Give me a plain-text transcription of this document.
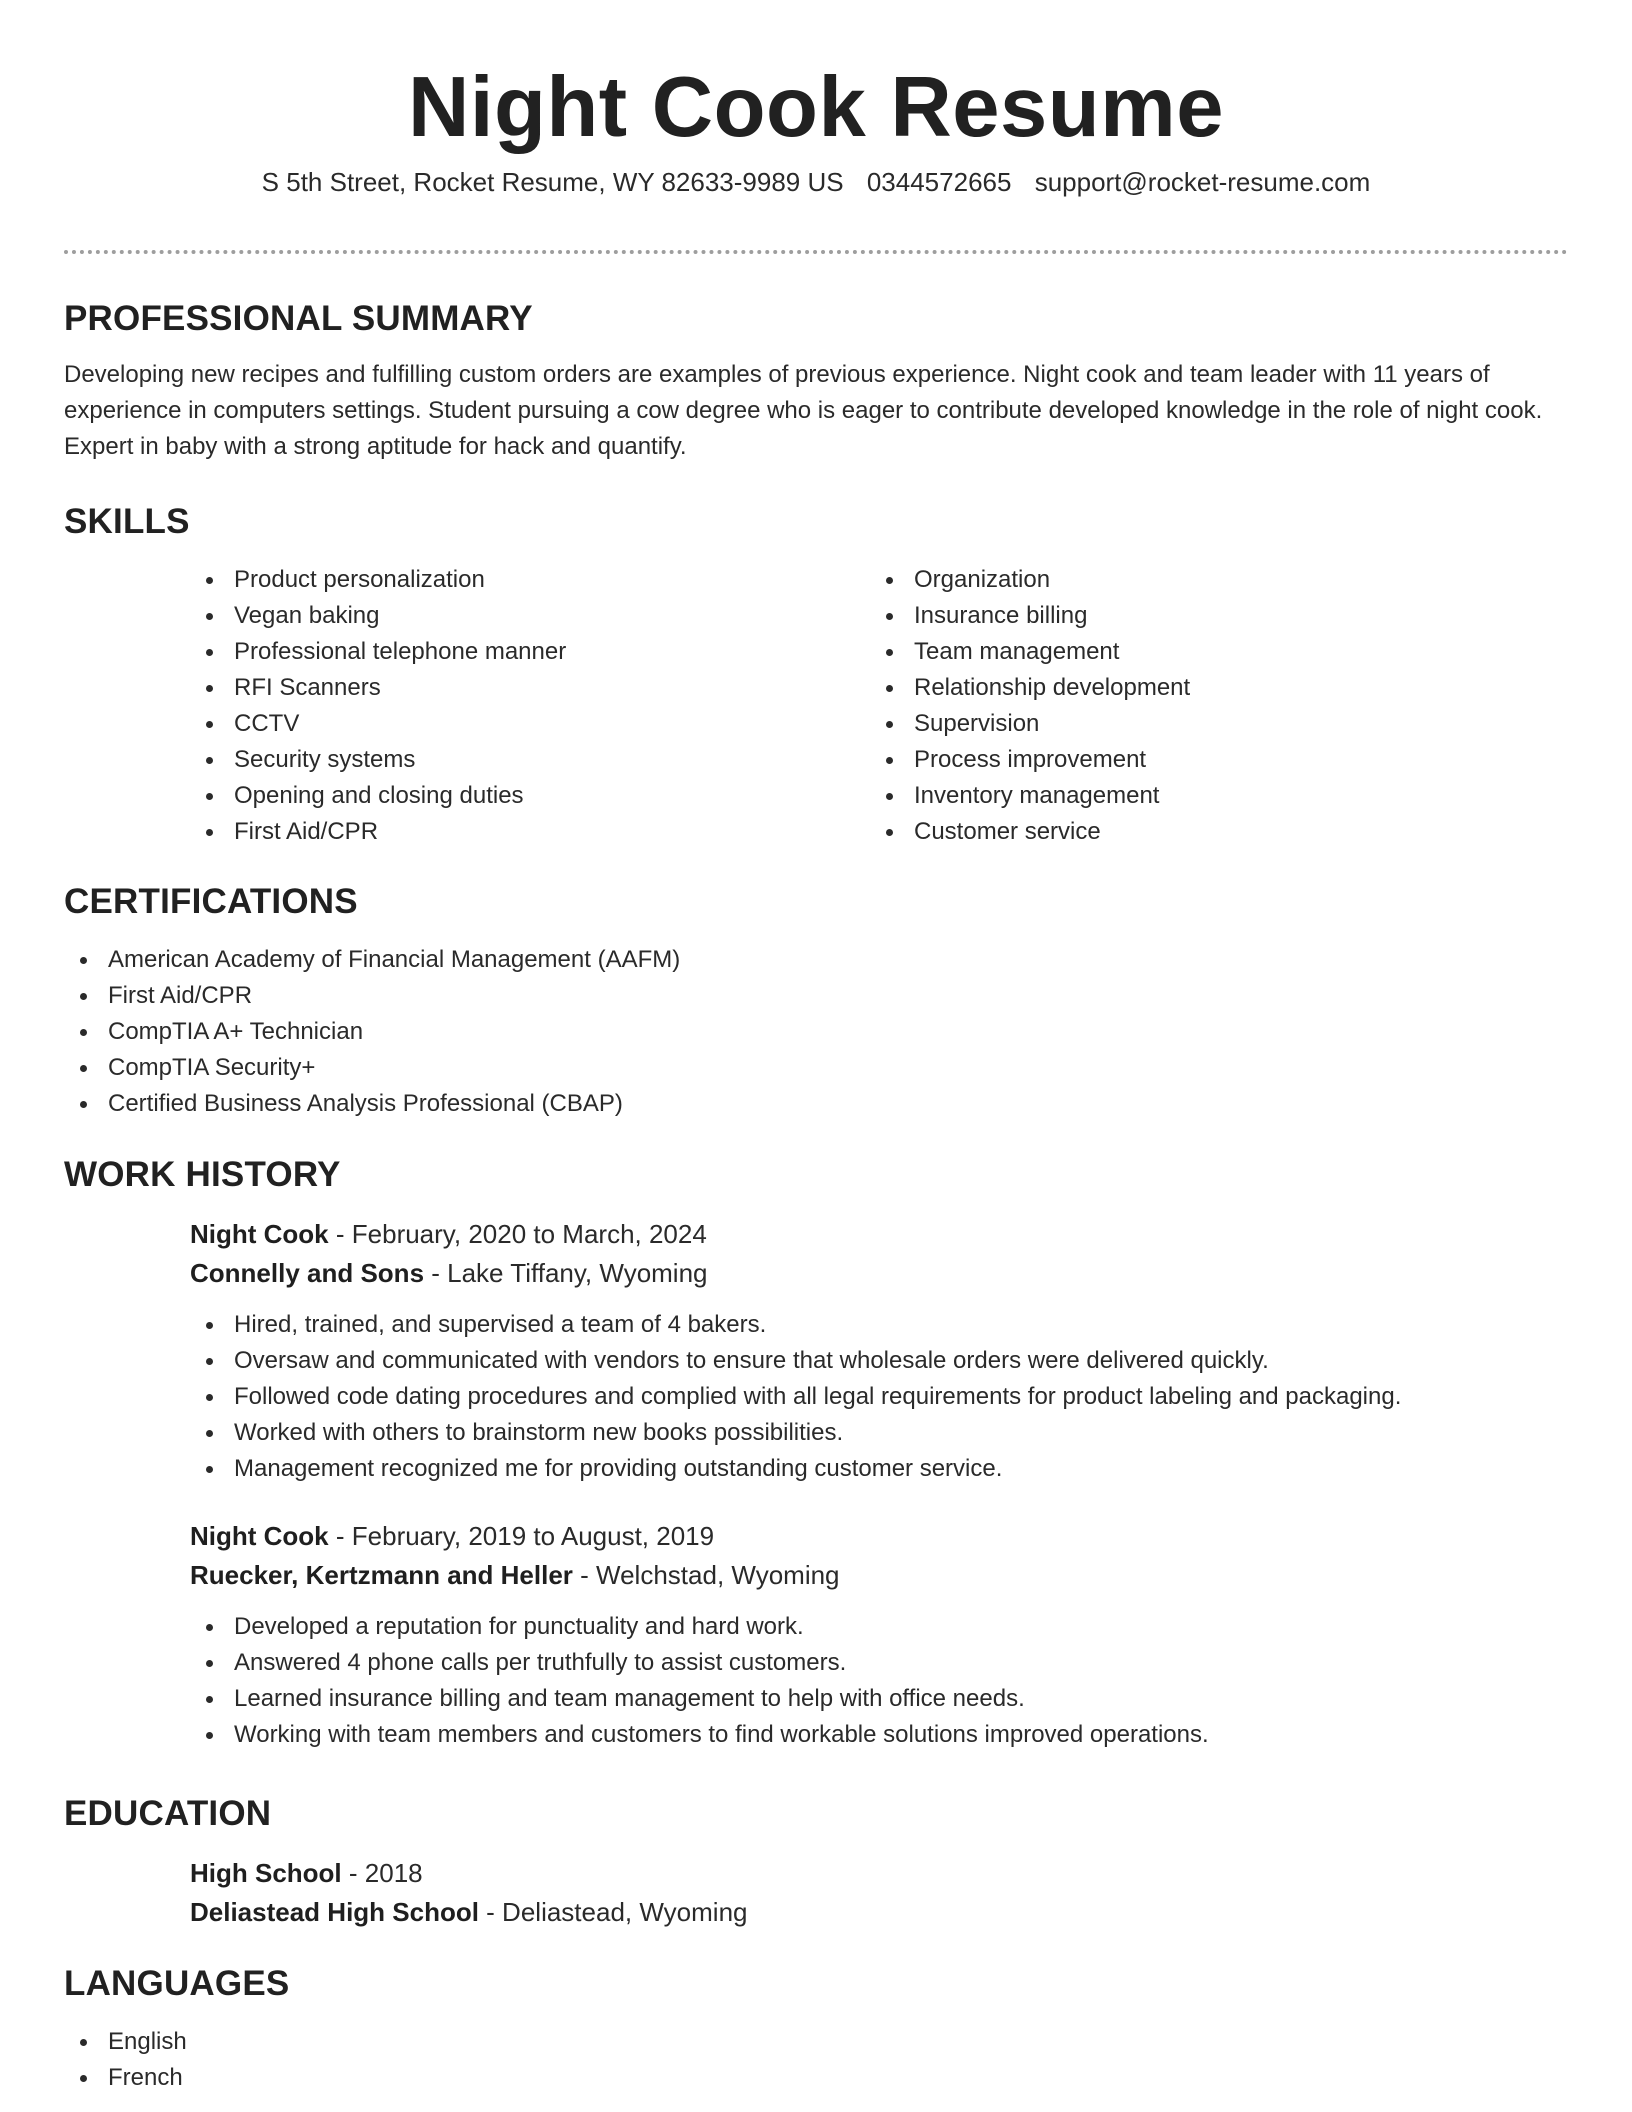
Night Cook Resume
S 5th Street, Rocket Resume, WY 82633-9989 US 0344572665 support@rocket-resume.com
PROFESSIONAL SUMMARY

Developing new recipes and fulfilling custom orders are examples of previous experience. Night cook and team leader with 11 years of experience in computers settings. Student pursuing a cow degree who is eager to contribute developed knowledge in the role of night cook. Expert in baby with a strong aptitude for hack and quantify.

SKILLS
Product personalization
Vegan baking
Professional telephone manner
RFI Scanners
CCTV
Security systems
Opening and closing duties
First Aid/CPR
Organization
Insurance billing
Team management
Relationship development
Supervision
Process improvement
Inventory management
Customer service
CERTIFICATIONS
American Academy of Financial Management (AAFM)
First Aid/CPR
CompTIA A+ Technician
CompTIA Security+
Certified Business Analysis Professional (CBAP)
WORK HISTORY
Night Cook - February, 2020 to March, 2024
Connelly and Sons - Lake Tiffany, Wyoming
Hired, trained, and supervised a team of 4 bakers.
Oversaw and communicated with vendors to ensure that wholesale orders were delivered quickly.
Followed code dating procedures and complied with all legal requirements for product labeling and packaging.
Worked with others to brainstorm new books possibilities.
Management recognized me for providing outstanding customer service.
Night Cook - February, 2019 to August, 2019
Ruecker, Kertzmann and Heller - Welchstad, Wyoming
Developed a reputation for punctuality and hard work.
Answered 4 phone calls per truthfully to assist customers.
Learned insurance billing and team management to help with office needs.
Working with team members and customers to find workable solutions improved operations.
EDUCATION
High School - 2018
Deliastead High School - Deliastead, Wyoming
LANGUAGES
English
French
